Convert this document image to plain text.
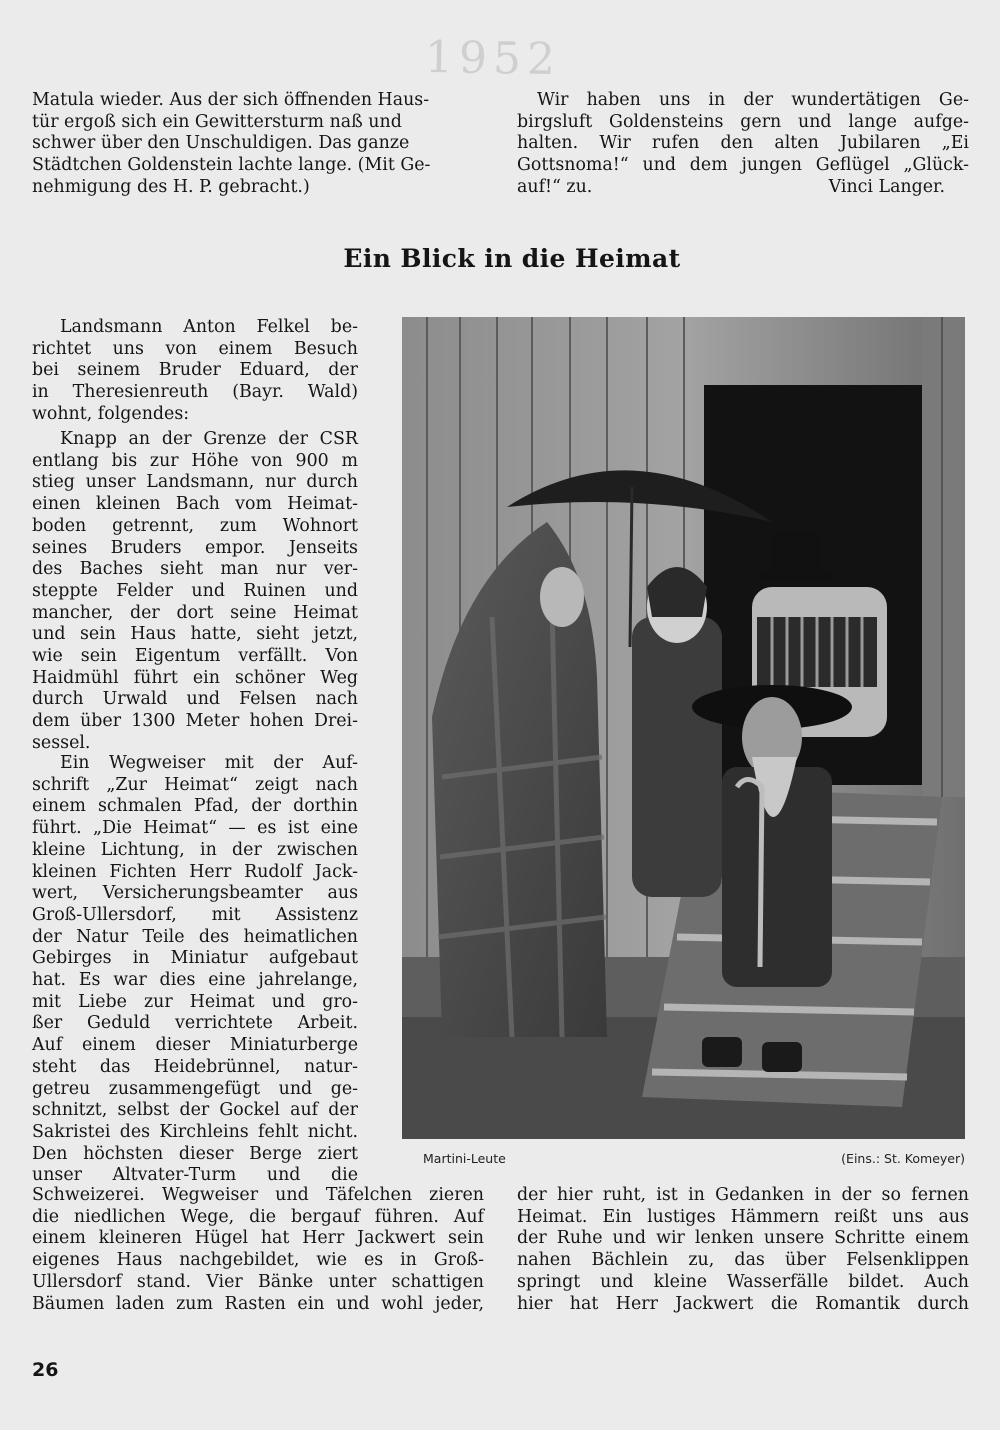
1952
Matula wieder. Aus der sich öffnenden Haus-
tür ergoß sich ein Gewittersturm naß und
schwer über den Unschuldigen. Das ganze
Städtchen Goldenstein lachte lange. (Mit Ge-
nehmigung des H. P. gebracht.)
Wir haben uns in der wundertätigen Ge-
birgsluft Goldensteins gern und lange aufge-
halten. Wir rufen den alten Jubilaren „Ei
Gottsnoma!“ und dem jungen Geflügel „Glück-
auf!“ zu.	Vinci Langer.
Ein Blick in die Heimat
Landsmann Anton Felkel be-
richtet uns von einem Besuch
bei seinem Bruder Eduard, der
in Theresienreuth (Bayr. Wald)
wohnt, folgendes:
Knapp an der Grenze der CSR
entlang bis zur Höhe von 900 m
stieg unser Landsmann, nur durch
einen kleinen Bach vom Heimat-
boden getrennt, zum Wohnort
seines Bruders empor. Jenseits
des Baches sieht man nur ver-
steppte Felder und Ruinen und
mancher, der dort seine Heimat
und sein Haus hatte, sieht jetzt,
wie sein Eigentum verfällt. Von
Haidmühl führt ein schöner Weg
durch Urwald und Felsen nach
dem über 1300 Meter hohen Drei-
sessel.
Ein Wegweiser mit der Auf-
schrift „Zur Heimat“ zeigt nach
einem schmalen Pfad, der dorthin
führt. „Die Heimat“ — es ist eine
kleine Lichtung, in der zwischen
kleinen Fichten Herr Rudolf Jack-
wert, Versicherungsbeamter aus
Groß-Ullersdorf, mit Assistenz
der Natur Teile des heimatlichen
Gebirges in Miniatur aufgebaut
hat. Es war dies eine jahrelange,
mit Liebe zur Heimat und gro-
ßer Geduld verrichtete Arbeit.
Auf einem dieser Miniaturberge
steht das Heidebrünnel, natur-
getreu zusammengefügt und ge-
schnitzt, selbst der Gockel auf der
Sakristei des Kirchleins fehlt nicht.
Den höchsten dieser Berge ziert
unser Altvater-Turm und die
Martini-Leute	(Eins.: St. Komeyer)
Schweizerei. Wegweiser und Täfelchen zieren
die niedlichen Wege, die bergauf führen. Auf
einem kleineren Hügel hat Herr Jackwert sein
eigenes Haus nachgebildet, wie es in Groß-
Ullersdorf stand. Vier Bänke unter schattigen
Bäumen laden zum Rasten ein und wohl jeder,
der hier ruht, ist in Gedanken in der so fernen
Heimat. Ein lustiges Hämmern reißt uns aus
der Ruhe und wir lenken unsere Schritte einem
nahen Bächlein zu, das über Felsenklippen
springt und kleine Wasserfälle bildet. Auch
hier hat Herr Jackwert die Romantik durch
26
